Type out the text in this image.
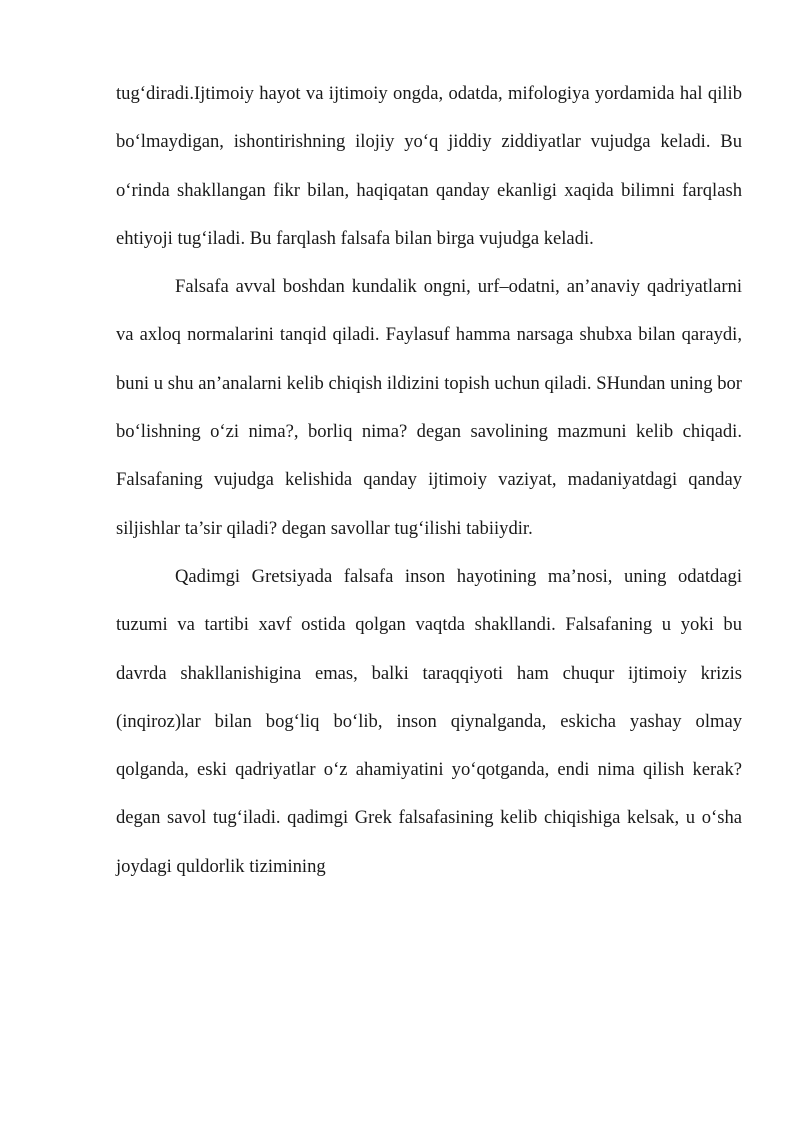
tug‘diradi.Ijtimoiy hayot va ijtimoiy ongda, odatda, mifologiya yordamida hal qilib bo‘lmaydigan, ishontirishning ilojiy yo‘q jiddiy ziddiyatlar vujudga keladi. Bu o‘rinda shakllangan fikr bilan, haqiqatan qanday ekanligi xaqida bilimni farqlash ehtiyoji tug‘iladi. Bu farqlash falsafa bilan birga vujudga keladi.

Falsafa avval boshdan kundalik ongni, urf–odatni, an’anaviy qadriyatlarni va axloq normalarini tanqid qiladi. Faylasuf hamma narsaga shubxa bilan qaraydi, buni u shu an’analarni kelib chiqish ildizini topish uchun qiladi. SHundan uning bor bo‘lishning o‘zi nima?, borliq nima? degan savolining mazmuni kelib chiqadi. Falsafaning vujudga kelishida qanday ijtimoiy vaziyat, madaniyatdagi qanday siljishlar ta’sir qiladi? degan savollar tug‘ilishi tabiiydir.

Qadimgi Gretsiyada falsafa inson hayotining ma’nosi, uning odatdagi tuzumi va tartibi xavf ostida qolgan vaqtda shakllandi. Falsafaning u yoki bu davrda shakllanishigina emas, balki taraqqiyoti ham chuqur ijtimoiy krizis (inqiroz)lar bilan bog‘liq bo‘lib, inson qiynalganda, eskicha yashay olmay qolganda, eski qadriyatlar o‘z ahamiyatini yo‘qotganda, endi nima qilish kerak? degan savol tug‘iladi. qadimgi Grek falsafasining kelib chiqishiga kelsak, u o‘sha joydagi quldorlik tizimining
